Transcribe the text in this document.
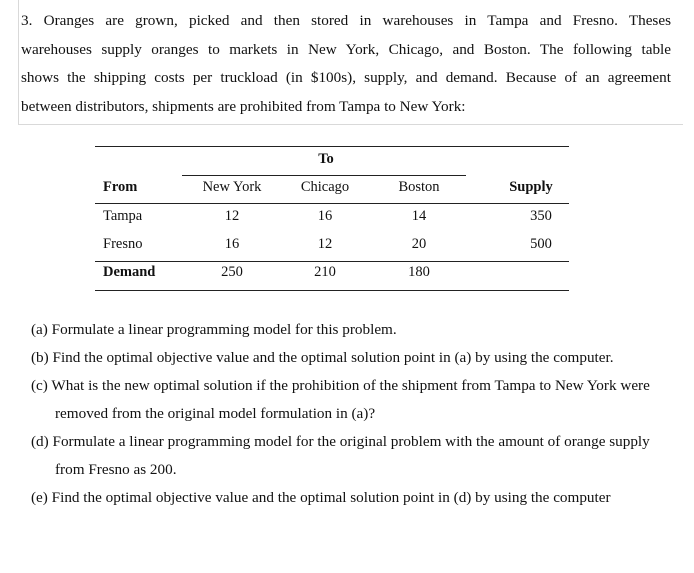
3. Oranges are grown, picked and then stored in warehouses in Tampa and Fresno. Theses
warehouses supply oranges to markets in New York, Chicago, and Boston. The following table
shows the shipping costs per truckload (in $100s), supply, and demand. Because of an agreement
between distributors, shipments are prohibited from Tampa to New York:

To
From	New York	Chicago	Boston	Supply
Tampa	12	16	14	350
Fresno	16	12	20	500
Demand	250	210	180
(a) Formulate a linear programming model for this problem.
(b) Find the optimal objective value and the optimal solution point in (a) by using the computer.
(c) What is the new optimal solution if the prohibition of the shipment from Tampa to New York were removed from the original model formulation in (a)?
(d) Formulate a linear programming model for the original problem with the amount of orange supply from Fresno as 200.
(e) Find the optimal objective value and the optimal solution point in (d) by using the computer
